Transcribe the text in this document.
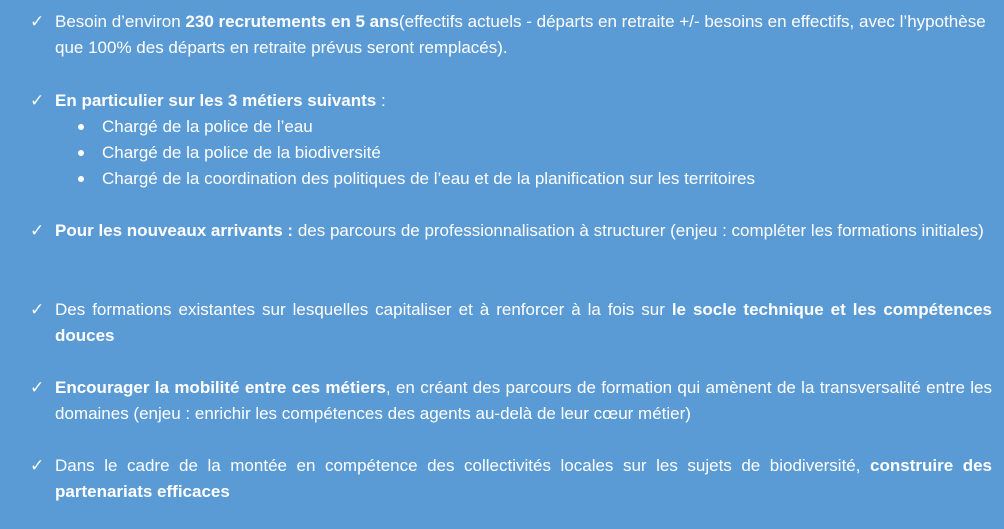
✓ Besoin d’environ 230 recrutements en 5 ans(effectifs actuels - départs en retraite +/- besoins en effectifs, avec l’hypothèse que 100% des départs en retraite prévus seront remplacés).
✓ En particulier sur les 3 métiers suivants :
Chargé de la police de l’eau
Chargé de la police de la biodiversité
Chargé de la coordination des politiques de l’eau et de la planification sur les territoires
✓ Pour les nouveaux arrivants : des parcours de professionnalisation à structurer (enjeu : compléter les formations initiales)
✓ Des formations existantes sur lesquelles capitaliser et à renforcer à la fois sur le socle technique et les compétences douces
✓ Encourager la mobilité entre ces métiers, en créant des parcours de formation qui amènent de la transversalité entre les domaines (enjeu : enrichir les compétences des agents au-delà de leur cœur métier)
✓ Dans le cadre de la montée en compétence des collectivités locales sur les sujets de biodiversité, construire des partenariats efficaces
